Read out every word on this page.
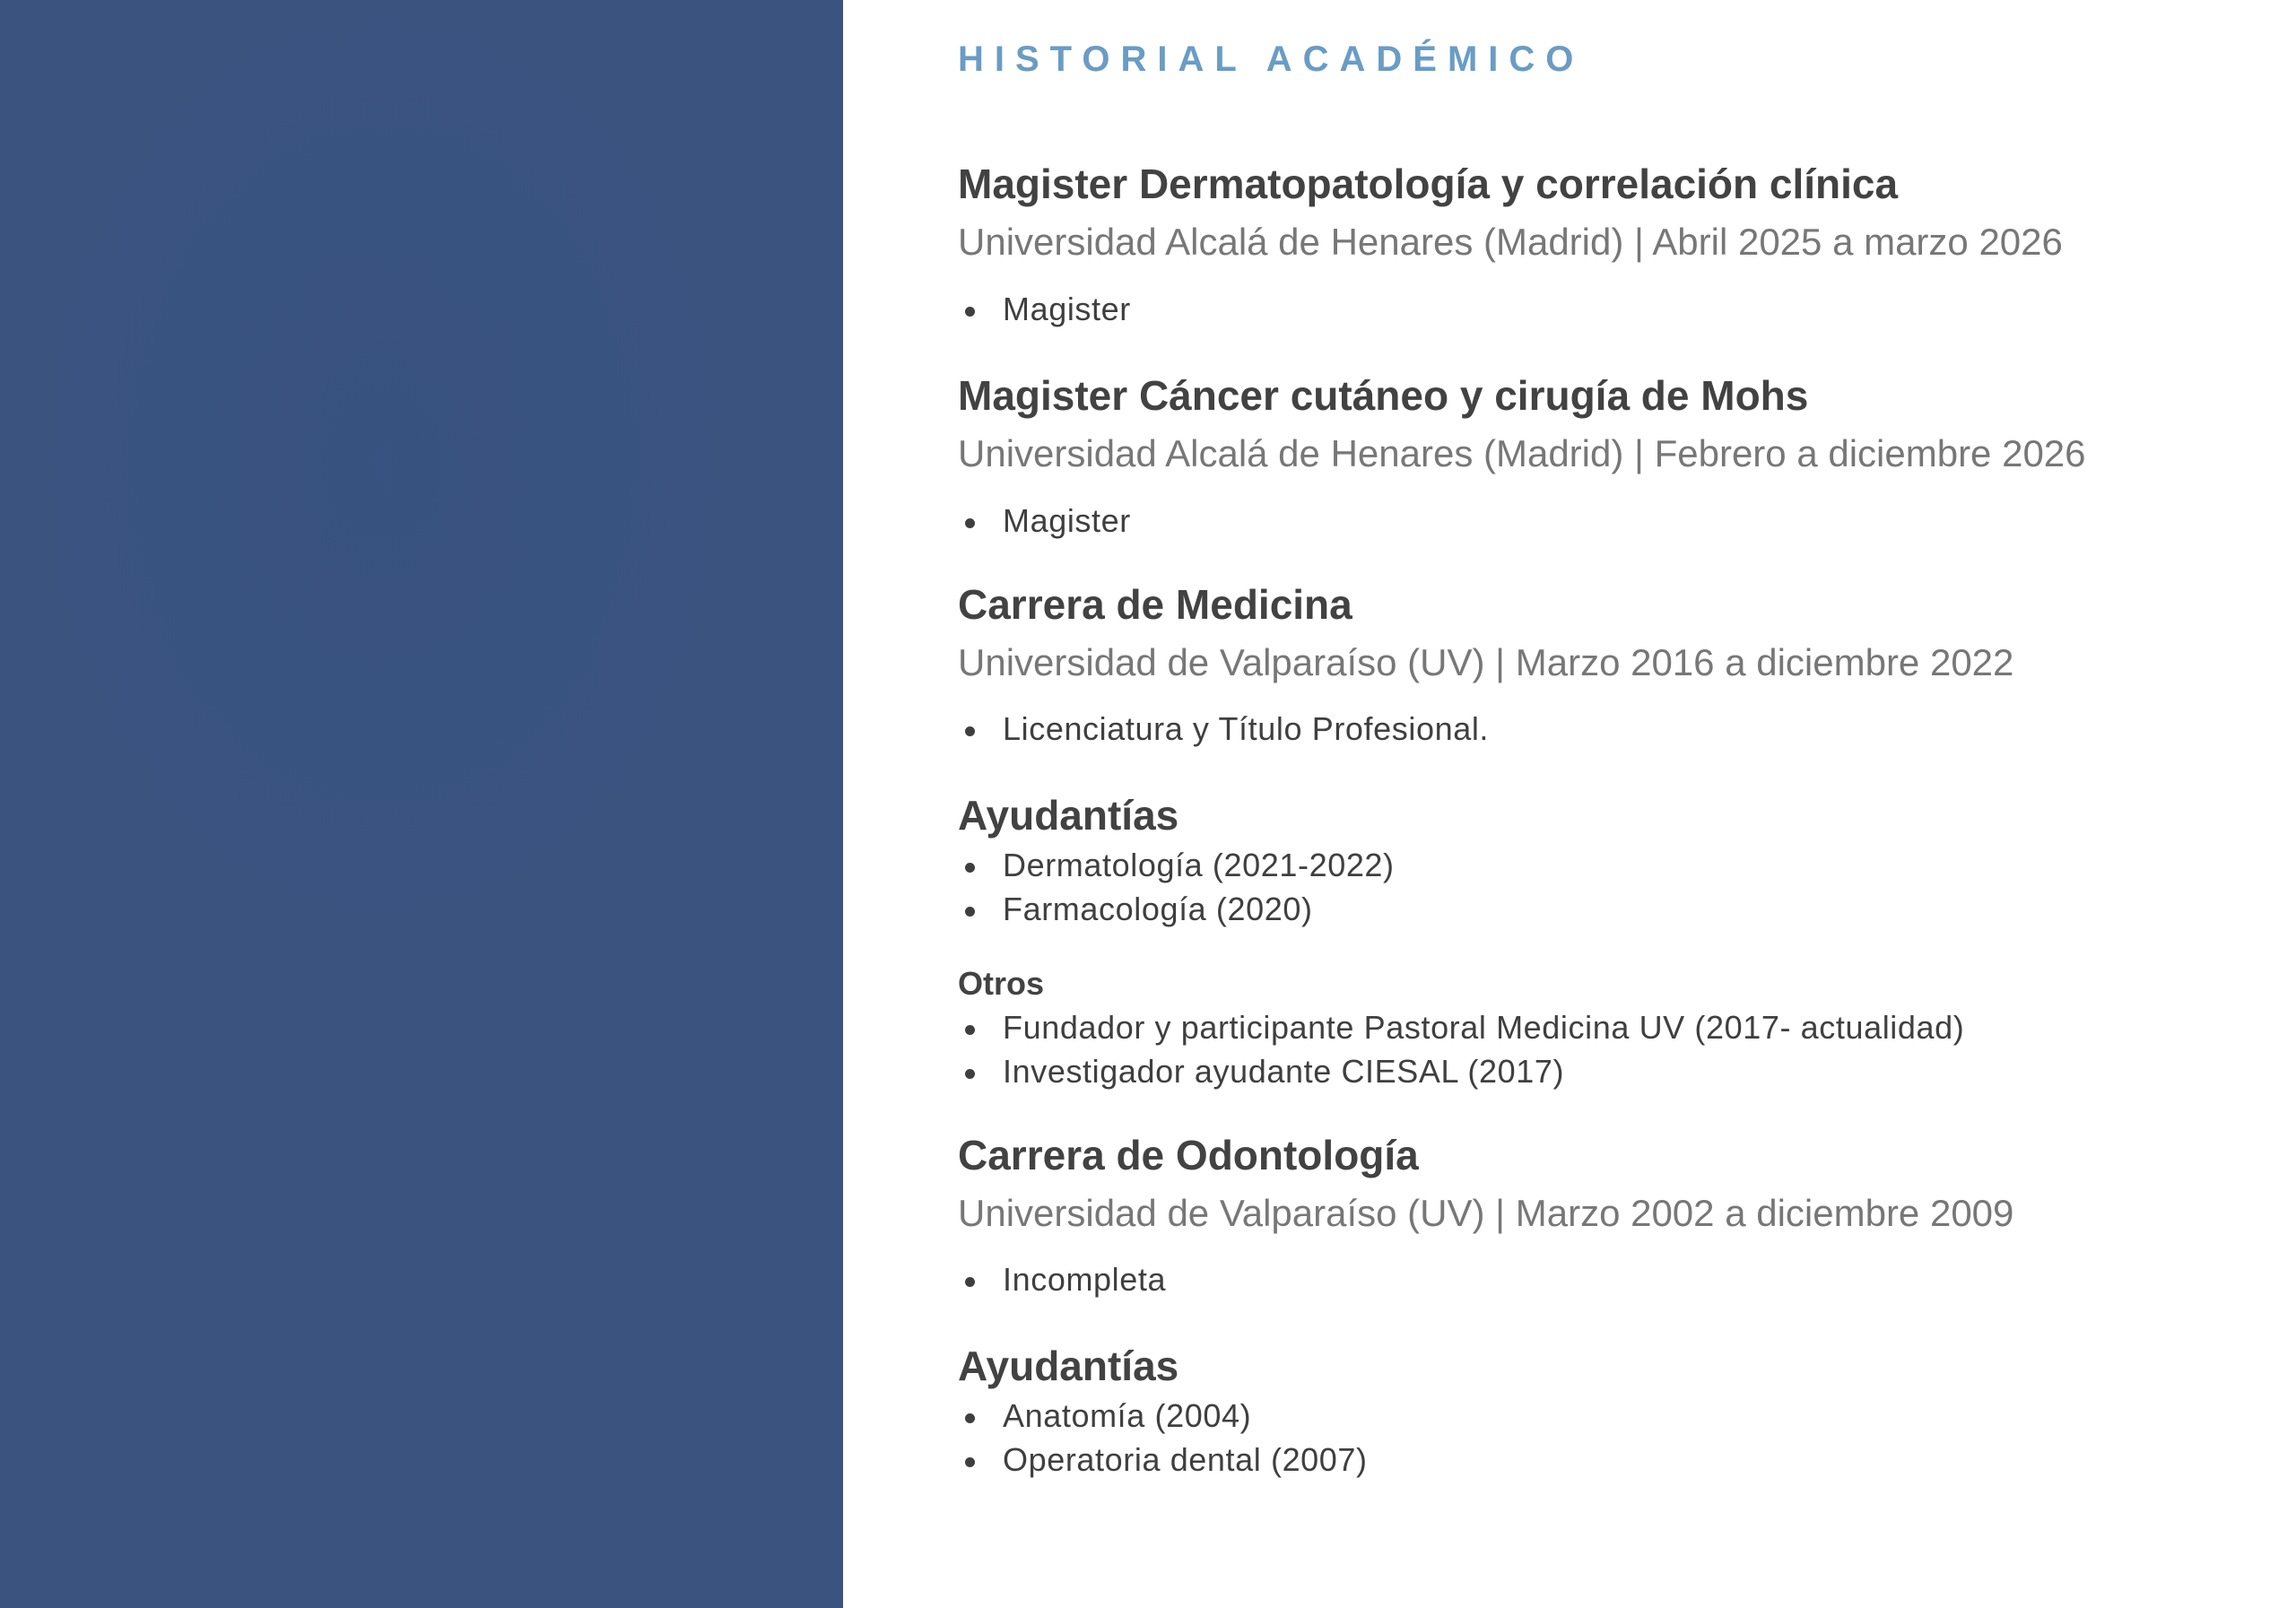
HISTORIAL ACADÉMICO
Magister Dermatopatología y correlación clínica
Universidad Alcalá de Henares (Madrid) | Abril 2025 a marzo 2026
Magister
Magister Cáncer cutáneo y cirugía de Mohs
Universidad Alcalá de Henares (Madrid) | Febrero a diciembre 2026
Magister
Carrera de Medicina
Universidad de Valparaíso (UV) | Marzo 2016 a diciembre 2022
Licenciatura y Título Profesional.
Ayudantías
Dermatología (2021-2022)
Farmacología (2020)
Otros
Fundador y participante Pastoral Medicina UV (2017- actualidad)
Investigador ayudante CIESAL (2017)
Carrera de Odontología
Universidad de Valparaíso (UV) | Marzo 2002 a diciembre 2009
Incompleta
Ayudantías
Anatomía (2004)
Operatoria dental (2007)
